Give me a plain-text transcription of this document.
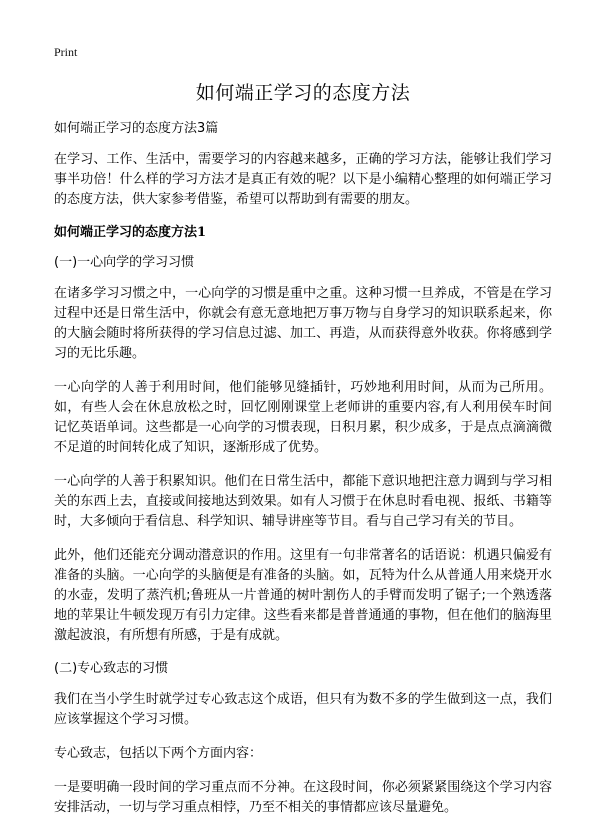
Print
如何端正学习的态度方法
如何端正学习的态度方法3篇

在学习、工作、生活中，需要学习的内容越来越多，正确的学习方法，能够让我们学习事半功倍！什么样的学习方法才是真正有效的呢？以下是小编精心整理的如何端正学习的态度方法，供大家参考借鉴，希望可以帮助到有需要的朋友。

如何端正学习的态度方法1
(一)一心向学的学习习惯

在诸多学习习惯之中，一心向学的习惯是重中之重。这种习惯一旦养成，不管是在学习过程中还是日常生活中，你就会有意无意地把万事万物与自身学习的知识联系起来，你的大脑会随时将所获得的学习信息过滤、加工、再造，从而获得意外收获。你将感到学习的无比乐趣。

一心向学的人善于利用时间，他们能够见缝插针，巧妙地利用时间，从而为己所用。如，有些人会在休息放松之时，回忆刚刚课堂上老师讲的重要内容,有人利用侯车时间记忆英语单词。这些都是一心向学的习惯表现，日积月累，积少成多，于是点点滴滴微不足道的时间转化成了知识，逐渐形成了优势。

一心向学的人善于积累知识。他们在日常生活中，都能下意识地把注意力调到与学习相关的东西上去，直接或间接地达到效果。如有人习惯于在休息时看电视、报纸、书籍等时，大多倾向于看信息、科学知识、辅导讲座等节目。看与自己学习有关的节目。

此外，他们还能充分调动潜意识的作用。这里有一句非常著名的话语说：机遇只偏爱有准备的头脑。一心向学的头脑便是有准备的头脑。如，瓦特为什么从普通人用来烧开水的水壶，发明了蒸汽机;鲁班从一片普通的树叶割伤人的手臂而发明了锯子;一个熟透落地的苹果让牛顿发现万有引力定律。这些看来都是普普通通的事物，但在他们的脑海里激起波浪，有所想有所感，于是有成就。

(二)专心致志的习惯

我们在当小学生时就学过专心致志这个成语，但只有为数不多的学生做到这一点，我们应该掌握这个学习习惯。

专心致志，包括以下两个方面内容：

一是要明确一段时间的学习重点而不分神。在这段时间，你必须紧紧围绕这个学习内容安排活动，一切与学习重点相悖，乃至不相关的事情都应该尽量避免。
